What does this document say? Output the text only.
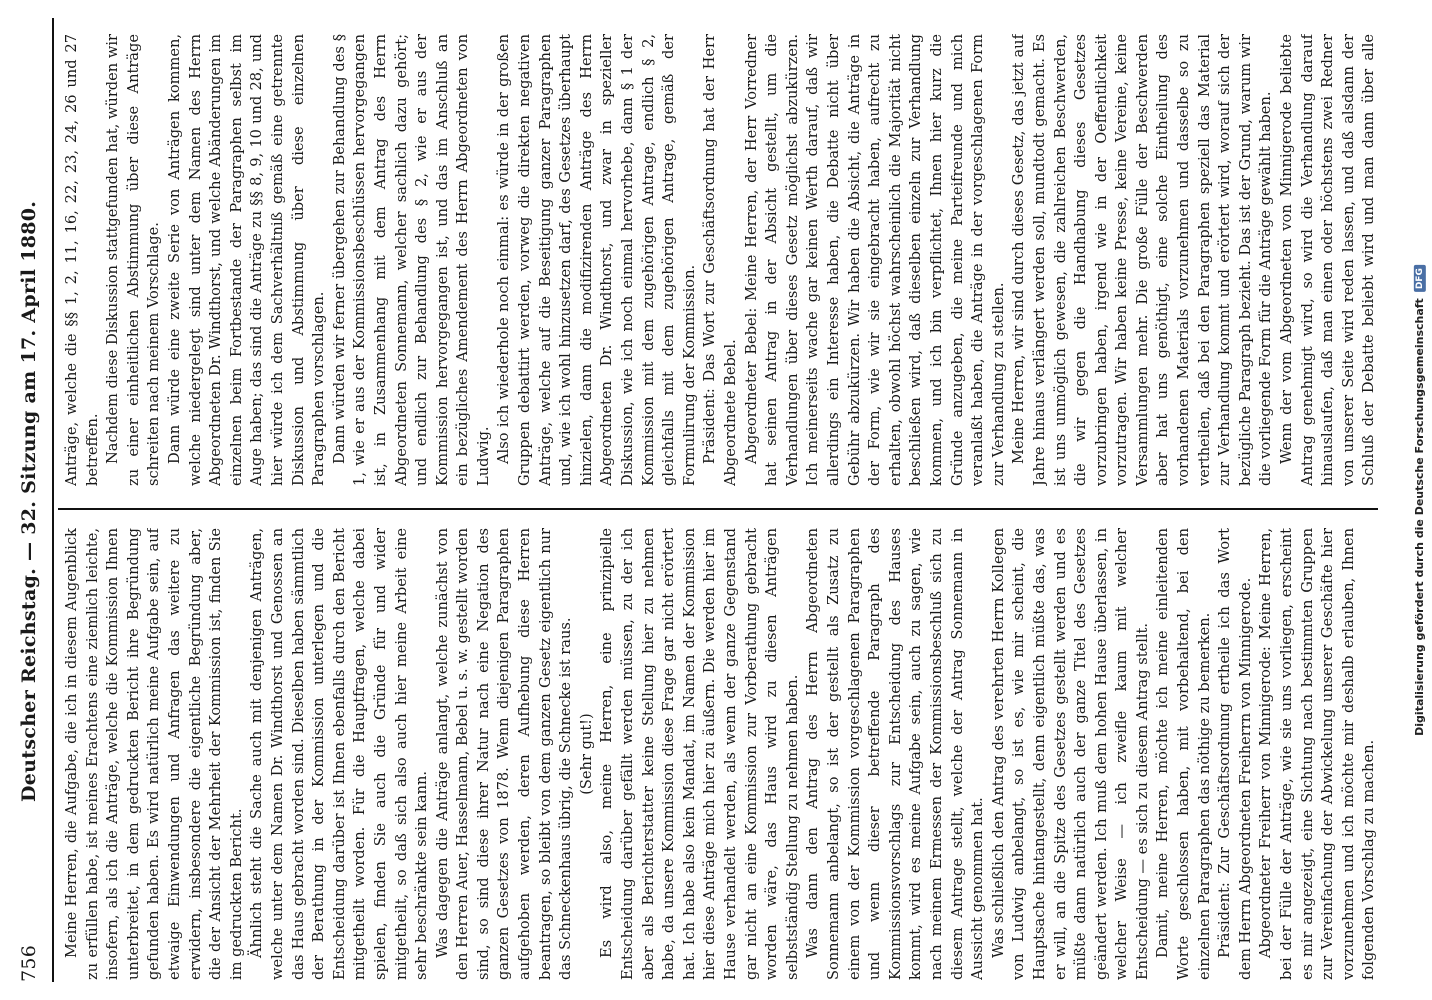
756
Deutscher Reichstag. — 32. Sitzung am 17. April 1880. Meine Herren, die Aufgabe, die ich in diesem Augenblick zu erfüllen habe, ist meines Erachtens eine ziemlich leichte, insofern, als ich die Anträge, welche die Kommission Ihnen unterbreitet, in dem gedruckten Bericht ihre Begründung gefunden haben. Es wird natürlich meine Aufgabe sein, auf etwaige Einwendungen und Anfragen das weitere zu erwidern, insbesondere die eigentliche Begründung aber, die der Ansicht der Mehrheit der Kommission ist, finden Sie im gedruckten Bericht. Ähnlich steht die Sache auch mit denjenigen Anträgen, welche unter dem Namen Dr. Windthorst und Genossen an das Haus gebracht worden sind. Dieselben haben sämmtlich der Berathung in der Kommission unterlegen und die Entscheidung darüber ist Ihnen ebenfalls durch den Bericht mitgetheilt worden. Für die Hauptfragen, welche dabei spielen, finden Sie auch die Gründe für und wider mitgetheilt, so daß sich also auch hier meine Arbeit eine sehr beschränkte sein kann. Was dagegen die Anträge anlangt, welche zunächst von den Herren Auer, Hasselmann, Bebel u. s. w. gestellt worden sind, so sind diese ihrer Natur nach eine Negation des ganzen Gesetzes von 1878. Wenn diejenigen Paragraphen aufgehoben werden, deren Aufhebung diese Herren beantragen, so bleibt von dem ganzen Gesetz eigentlich nur das Schneckenhaus übrig, die Schnecke ist raus. (Sehr gut!) Es wird also, meine Herren, eine prinzipielle Entscheidung darüber gefällt werden müssen, zu der ich aber als Berichterstatter keine Stellung hier zu nehmen habe, da unsere Kommission diese Frage gar nicht erörtert hat. Ich habe also kein Mandat, im Namen der Kommission hier diese Anträge mich hier zu äußern. Die werden hier im Hause verhandelt werden, als wenn der ganze Gegenstand gar nicht an eine Kommission zur Vorberathung gebracht worden wäre, das Haus wird zu diesen Anträgen selbstständig Stellung zu nehmen haben. Was dann den Antrag des Herrn Abgeordneten Sonnemann anbelangt, so ist der gestellt als Zusatz zu einem von der Kommission vorgeschlagenen Paragraphen und wenn dieser betreffende Paragraph des Kommissionsvorschlags zur Entscheidung des Hauses kommt, wird es meine Aufgabe sein, auch zu sagen, wie nach meinem Ermessen der Kommissionsbeschluß sich zu diesem Antrage stellt, welche der Antrag Sonnemann in Aussicht genommen hat. Was schließlich den Antrag des verehrten Herrn Kollegen von Ludwig anbelangt, so ist es, wie mir scheint, die Hauptsache hintangestellt, denn eigentlich müßte das, was er will, an die Spitze des Gesetzes gestellt werden und es müßte dann natürlich auch der ganze Titel des Gesetzes geändert werden. Ich muß dem hohen Hause überlassen, in welcher Weise — ich zweifle kaum mit welcher Entscheidung — es sich zu diesem Antrag stellt. Damit, meine Herren, möchte ich meine einleitenden Worte geschlossen haben, mit vorbehaltend, bei den einzelnen Paragraphen das nöthige zu bemerken. Präsident: Zur Geschäftsordnung ertheile ich das Wort dem Herrn Abgeordneten Freiherrn von Minnigerode. Abgeordneter Freiherr von Minnigerode: Meine Herren, bei der Fülle der Anträge, wie sie uns vorliegen, erscheint es mir angezeigt, eine Sichtung nach bestimmten Gruppen zur Vereinfachung der Abwickelung unserer Geschäfte hier vorzunehmen und ich möchte mir deshalb erlauben, Ihnen folgenden Vorschlag zu machen.

Anträge, welche die §§ 1, 2, 11, 16, 22, 23, 24, 26 und 27 betreffen. Nachdem diese Diskussion stattgefunden hat, würden wir zu einer einheitlichen Abstimmung über diese Anträge schreiten nach meinem Vorschlage. Dann würde eine zweite Serie von Anträgen kommen, welche niedergelegt sind unter dem Namen des Herrn Abgeordneten Dr. Windthorst, und welche Abänderungen im einzelnen beim Fortbestande der Paragraphen selbst im Auge haben; das sind die Anträge zu §§ 8, 9, 10 und 28, und hier würde ich dem Sachverhältniß gemäß eine getrennte Diskussion und Abstimmung über diese einzelnen Paragraphen vorschlagen. Dann würden wir ferner übergehen zur Behandlung des § 1, wie er aus der Kommissionsbeschlüssen hervorgegangen ist, in Zusammenhang mit dem Antrag des Herrn Abgeordneten Sonnemann, welcher sachlich dazu gehört; und endlich zur Behandlung des § 2, wie er aus der Kommission hervorgegangen ist, und das im Anschluß an ein bezügliches Amendement des Herrn Abgeordneten von Ludwig. Also ich wiederhole noch einmal: es würde in der großen Gruppen debattirt werden, vorweg die direkten negativen Anträge, welche auf die Beseitigung ganzer Paragraphen und, wie ich wohl hinzusetzen darf, des Gesetzes überhaupt hinzielen, dann die modifizirenden Anträge des Herrn Abgeordneten Dr. Windthorst, und zwar in spezieller Diskussion, wie ich noch einmal hervorhebe, dann § 1 der Kommission mit dem zugehörigen Antrage, endlich § 2, gleichfalls mit dem zugehörigen Antrage, gemäß der Formulirung der Kommission. Präsident: Das Wort zur Geschäftsordnung hat der Herr Abgeordnete Bebel. Abgeordneter Bebel: Meine Herren, der Herr Vorredner hat seinen Antrag in der Absicht gestellt, um die Verhandlungen über dieses Gesetz möglichst abzukürzen. Ich meinerseits wache gar keinen Werth darauf, daß wir allerdings ein Interesse haben, die Debatte nicht über Gebühr abzukürzen. Wir haben die Absicht, die Anträge in der Form, wie wir sie eingebracht haben, aufrecht zu erhalten, obwohl höchst wahrscheinlich die Majorität nicht beschließen wird, daß dieselben einzeln zur Verhandlung kommen, und ich bin verpflichtet, Ihnen hier kurz die Gründe anzugeben, die meine Parteifreunde und mich veranlaßt haben, die Anträge in der vorgeschlagenen Form zur Verhandlung zu stellen. Meine Herren, wir sind durch dieses Gesetz, das jetzt auf Jahre hinaus verlängert werden soll, mundtodt gemacht. Es ist uns unmöglich gewesen, die zahlreichen Beschwerden, die wir gegen die Handhabung dieses Gesetzes vorzubringen haben, irgend wie in der Oeffentlichkeit vorzutragen. Wir haben keine Presse, keine Vereine, keine Versammlungen mehr. Die große Fülle der Beschwerden aber hat uns genöthigt, eine solche Eintheilung des vorhandenen Materials vorzunehmen und dasselbe so zu vertheilen, daß bei den Paragraphen speziell das Material zur Verhandlung kommt und erörtert wird, worauf sich der bezügliche Paragraph bezieht. Das ist der Grund, warum wir die vorliegende Form für die Anträge gewählt haben. Wenn der vom Abgeordneten von Minnigerode beliebte Antrag genehmigt wird, so wird die Verhandlung darauf hinauslaufen, daß man einen oder höchstens zwei Redner von unserer Seite wird reden lassen, und daß alsdann der Schluß der Debatte beliebt wird und man dann über alle

Digitalisierung gefördert durch die Deutsche Forschungsgemeinschaft
DFG
